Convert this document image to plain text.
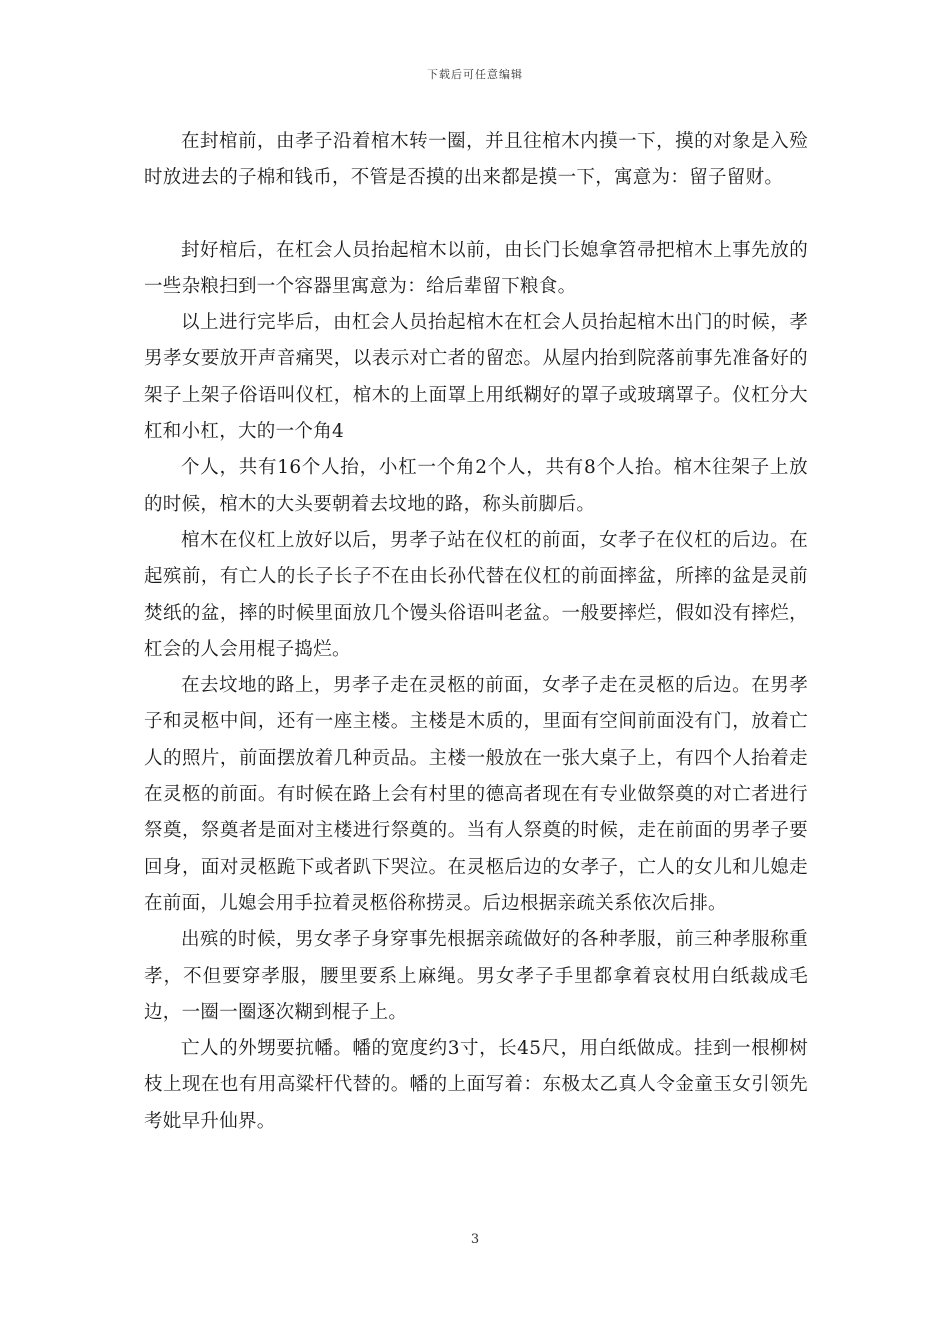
下载后可任意编辑

在封棺前，由孝子沿着棺木转一圈，并且往棺木内摸一下，摸的对象是入殓时放进去的子棉和钱币，不管是否摸的出来都是摸一下，寓意为：留子留财。

封好棺后，在杠会人员抬起棺木以前，由长门长媳拿笤帚把棺木上事先放的一些杂粮扫到一个容器里寓意为：给后辈留下粮食。

以上进行完毕后，由杠会人员抬起棺木在杠会人员抬起棺木出门的时候，孝男孝女要放开声音痛哭，以表示对亡者的留恋。从屋内抬到院落前事先准备好的架子上架子俗语叫仪杠，棺木的上面罩上用纸糊好的罩子或玻璃罩子。仪杠分大杠和小杠，大的一个角4

个人，共有16个人抬，小杠一个角2个人，共有8个人抬。棺木往架子上放的时候，棺木的大头要朝着去坟地的路，称头前脚后。

棺木在仪杠上放好以后，男孝子站在仪杠的前面，女孝子在仪杠的后边。在起殡前，有亡人的长子长子不在由长孙代替在仪杠的前面摔盆，所摔的盆是灵前焚纸的盆，摔的时候里面放几个馒头俗语叫老盆。一般要摔烂，假如没有摔烂，杠会的人会用棍子捣烂。

在去坟地的路上，男孝子走在灵柩的前面，女孝子走在灵柩的后边。在男孝子和灵柩中间，还有一座主楼。主楼是木质的，里面有空间前面没有门，放着亡人的照片，前面摆放着几种贡品。主楼一般放在一张大桌子上，有四个人抬着走在灵柩的前面。有时候在路上会有村里的德高者现在有专业做祭奠的对亡者进行祭奠，祭奠者是面对主楼进行祭奠的。当有人祭奠的时候，走在前面的男孝子要回身，面对灵柩跪下或者趴下哭泣。在灵柩后边的女孝子，亡人的女儿和儿媳走在前面，儿媳会用手拉着灵柩俗称捞灵。后边根据亲疏关系依次后排。

出殡的时候，男女孝子身穿事先根据亲疏做好的各种孝服，前三种孝服称重孝，不但要穿孝服，腰里要系上麻绳。男女孝子手里都拿着哀杖用白纸裁成毛边，一圈一圈逐次糊到棍子上。

亡人的外甥要抗幡。幡的宽度约3寸，长45尺，用白纸做成。挂到一根柳树枝上现在也有用高粱杆代替的。幡的上面写着：东极太乙真人令金童玉女引领先考妣早升仙界。

3
